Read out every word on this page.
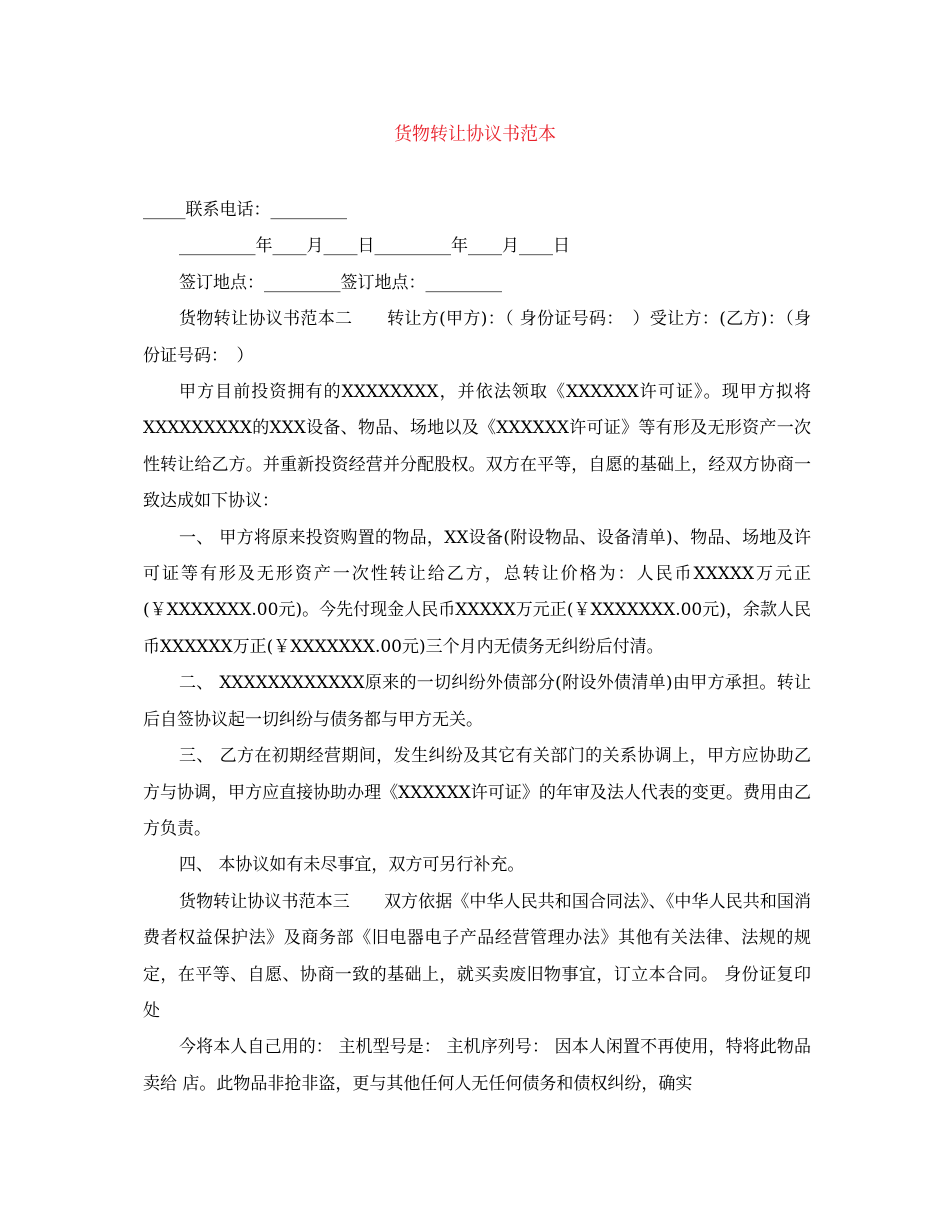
货物转让协议书范本

_____联系电话：_________

_________年____月____日_________年____月____日

签订地点：_________签订地点：_________

货物转让协议书范本二　　转让方(甲方)：（ 身份证号码：　）受让方：(乙方)：（身份证号码：　）

甲方目前投资拥有的XXXXXXXX，并依法领取《XXXXXX许可证》。现甲方拟将XXXXXXXXX的XXX设备、物品、场地以及《XXXXXX许可证》等有形及无形资产一次性转让给乙方。并重新投资经营并分配股权。双方在平等，自愿的基础上，经双方协商一致达成如下协议：

一、 甲方将原来投资购置的物品，XX设备(附设物品、设备清单)、物品、场地及许可证等有形及无形资产一次性转让给乙方，总转让价格为：人民币XXXXX万元正(￥XXXXXXX.00元)。今先付现金人民币XXXXX万元正(￥XXXXXXX.00元)，余款人民币XXXXXX万正(￥XXXXXXX.00元)三个月内无债务无纠纷后付清。

二、 XXXXXXXXXXXX原来的一切纠纷外债部分(附设外债清单)由甲方承担。转让后自签协议起一切纠纷与债务都与甲方无关。

三、 乙方在初期经营期间，发生纠纷及其它有关部门的关系协调上，甲方应协助乙方与协调，甲方应直接协助办理《XXXXXX许可证》的年审及法人代表的变更。费用由乙方负责。

四、 本协议如有未尽事宜，双方可另行补充。

货物转让协议书范本三　　双方依据《中华人民共和国合同法》、《中华人民共和国消费者权益保护法》及商务部《旧电器电子产品经营管理办法》其他有关法律、法规的规定，在平等、自愿、协商一致的基础上，就买卖废旧物事宜，订立本合同。 身份证复印处

今将本人自己用的： 主机型号是： 主机序列号： 因本人闲置不再使用，特将此物品卖给 店。此物品非抢非盗，更与其他任何人无任何债务和债权纠纷，确实
